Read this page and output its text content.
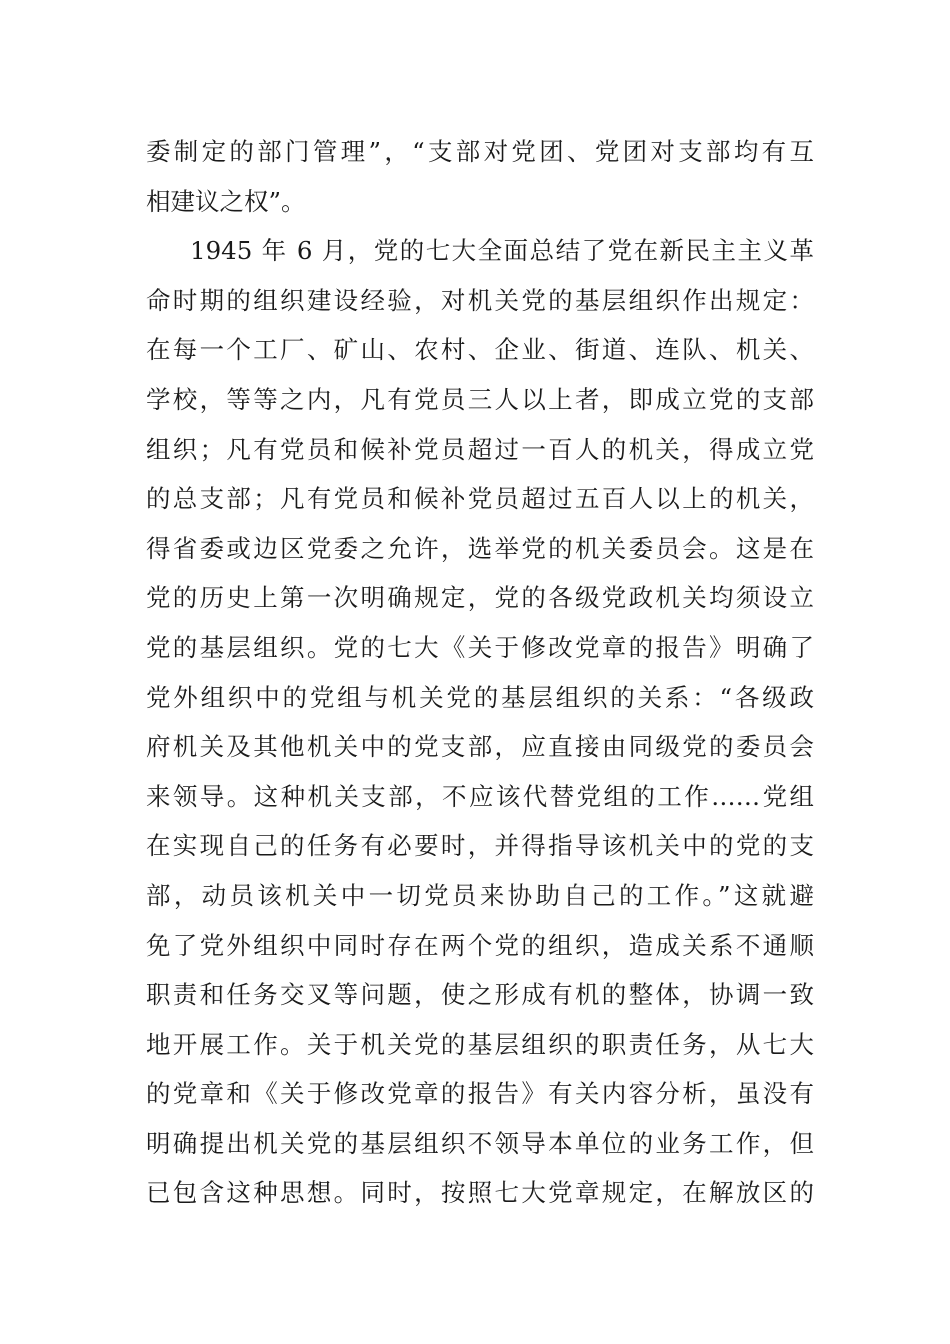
委制定的部门管理”，“支部对党团、党团对支部均有互
相建议之权”。
1945 年 6 月，党的七大全面总结了党在新民主主义革
命时期的组织建设经验，对机关党的基层组织作出规定：
在每一个工厂、矿山、农村、企业、街道、连队、机关、
学校，等等之内，凡有党员三人以上者，即成立党的支部
组织；凡有党员和候补党员超过一百人的机关，得成立党
的总支部；凡有党员和候补党员超过五百人以上的机关，
得省委或边区党委之允许，选举党的机关委员会。这是在
党的历史上第一次明确规定，党的各级党政机关均须设立
党的基层组织。党的七大《关于修改党章的报告》明确了
党外组织中的党组与机关党的基层组织的关系：“各级政
府机关及其他机关中的党支部，应直接由同级党的委员会
来领导。这种机关支部，不应该代替党组的工作……党组
在实现自己的任务有必要时，并得指导该机关中的党的支
部，动员该机关中一切党员来协助自己的工作。”这就避
免了党外组织中同时存在两个党的组织，造成关系不通顺
职责和任务交叉等问题，使之形成有机的整体，协调一致
地开展工作。关于机关党的基层组织的职责任务，从七大
的党章和《关于修改党章的报告》有关内容分析，虽没有
明确提出机关党的基层组织不领导本单位的业务工作，但
已包含这种思想。同时，按照七大党章规定，在解放区的
